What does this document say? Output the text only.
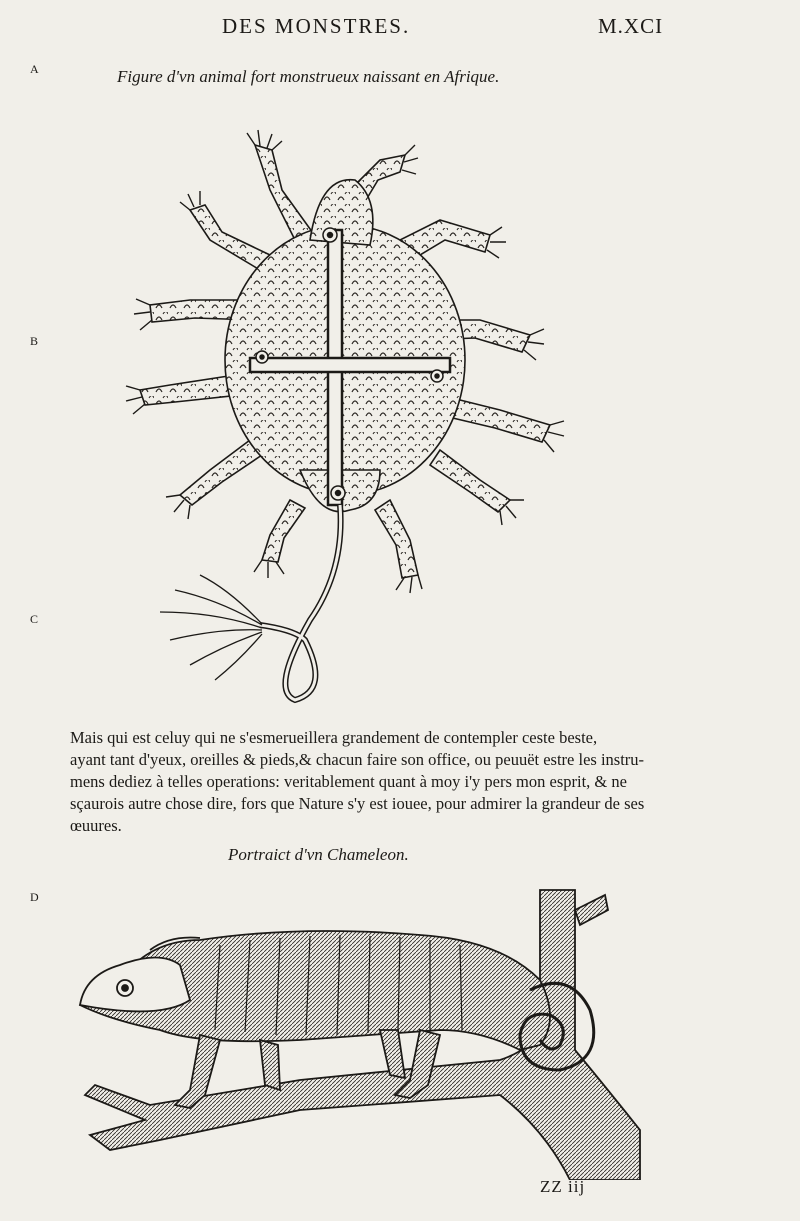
DES MONSTRES.	M.XCI
A
B
C
D
Figure d'vn animal fort monstrueux naissant en Afrique.

Mais qui est celuy qui ne s'esmerueillera grandement de contempler ceste beste,

ayant tant d'yeux, oreilles & pieds,& chacun faire son office, ou peuuët estre les instru-

mens dediez à telles operations: veritablement quant à moy i'y pers mon esprit, & ne

sçaurois autre chose dire, fors que Nature s'y est iouee, pour admirer la grandeur de ses

œuures.

Portraict d'vn Chameleon.
ZZ iij
